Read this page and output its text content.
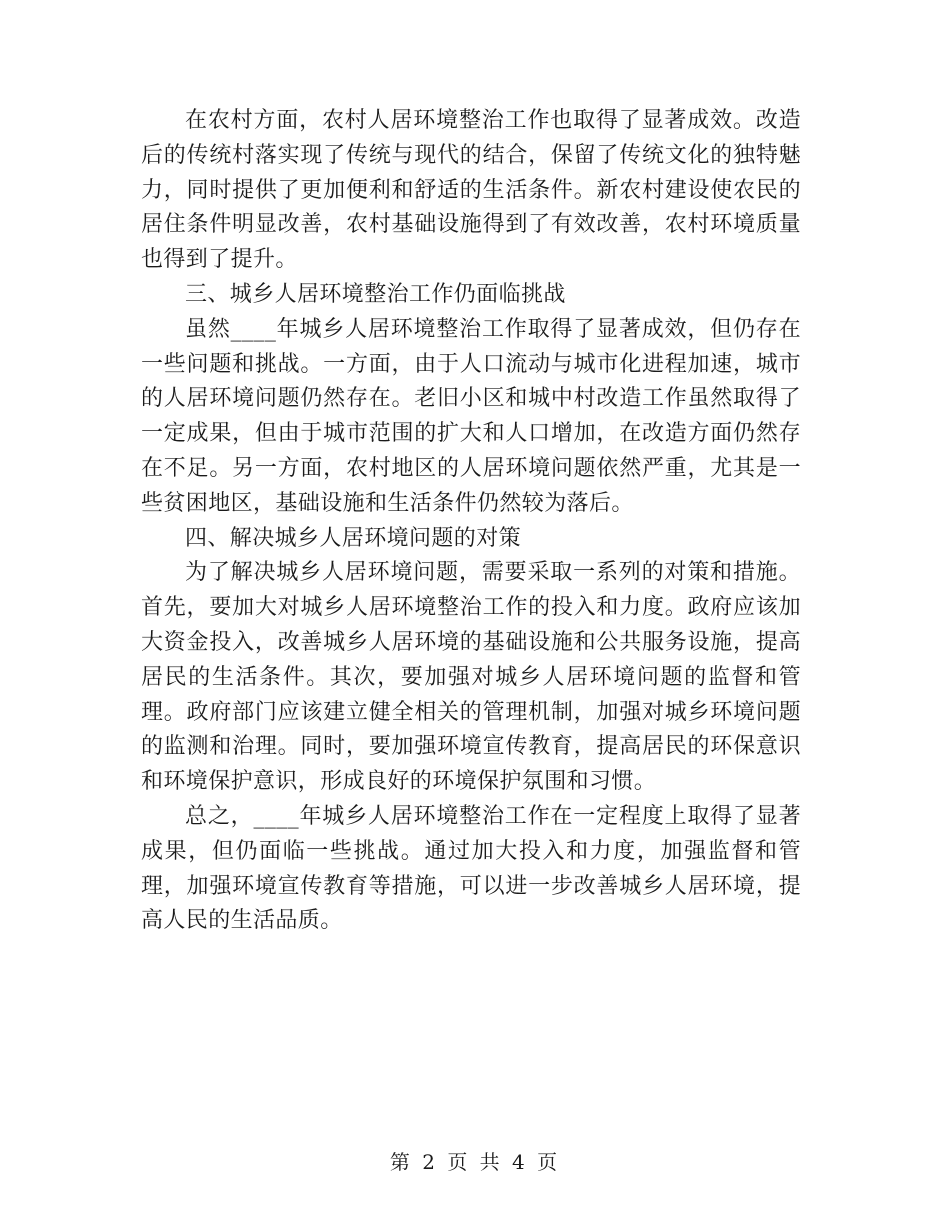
在农村方面，农村人居环境整治工作也取得了显著成效。改造后的传统村落实现了传统与现代的结合，保留了传统文化的独特魅力，同时提供了更加便利和舒适的生活条件。新农村建设使农民的居住条件明显改善，农村基础设施得到了有效改善，农村环境质量也得到了提升。

三、城乡人居环境整治工作仍面临挑战

虽然____年城乡人居环境整治工作取得了显著成效，但仍存在一些问题和挑战。一方面，由于人口流动与城市化进程加速，城市的人居环境问题仍然存在。老旧小区和城中村改造工作虽然取得了一定成果，但由于城市范围的扩大和人口增加，在改造方面仍然存在不足。另一方面，农村地区的人居环境问题依然严重，尤其是一些贫困地区，基础设施和生活条件仍然较为落后。

四、解决城乡人居环境问题的对策

为了解决城乡人居环境问题，需要采取一系列的对策和措施。首先，要加大对城乡人居环境整治工作的投入和力度。政府应该加大资金投入，改善城乡人居环境的基础设施和公共服务设施，提高居民的生活条件。其次，要加强对城乡人居环境问题的监督和管理。政府部门应该建立健全相关的管理机制，加强对城乡环境问题的监测和治理。同时，要加强环境宣传教育，提高居民的环保意识和环境保护意识，形成良好的环境保护氛围和习惯。

总之，____年城乡人居环境整治工作在一定程度上取得了显著成果，但仍面临一些挑战。通过加大投入和力度，加强监督和管理，加强环境宣传教育等措施，可以进一步改善城乡人居环境，提高人民的生活品质。

第 2 页 共 4 页
